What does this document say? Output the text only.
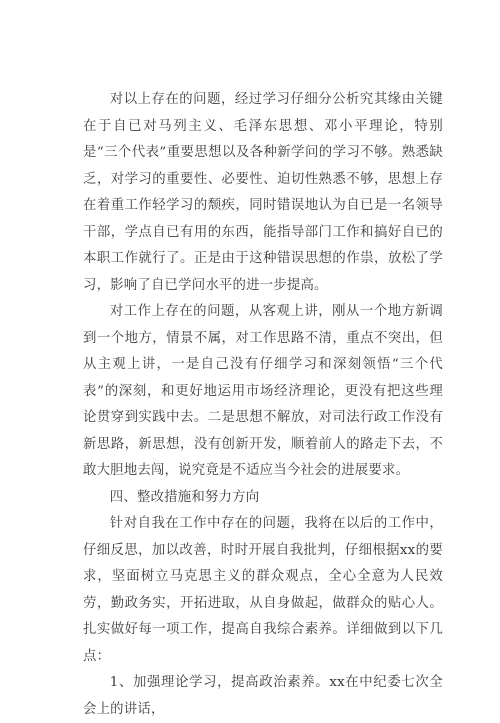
对以上存在的问题，经过学习仔细分公析究其缘由关键在于自已对马列主义、毛泽东思想、邓小平理论，特别是“三个代表”重要思想以及各种新学问的学习不够。熟悉缺乏，对学习的重要性、必要性、迫切性熟悉不够，思想上存在着重工作轻学习的颓疾，同时错误地认为自已是一名领导干部，学点自已有用的东西，能指导部门工作和搞好自已的本职工作就行了。正是由于这种错误思想的作祟，放松了学习，影响了自已学问水平的进一步提高。

对工作上存在的问题，从客观上讲，刚从一个地方新调到一个地方，情景不属，对工作思路不清，重点不突出，但从主观上讲，一是自己没有仔细学习和深刻领悟“三个代表”的深刻，和更好地运用市场经济理论，更没有把这些理论贯穿到实践中去。二是思想不解放，对司法行政工作没有新思路，新思想，没有创新开发，顺着前人的路走下去，不敢大胆地去闯，说究竟是不适应当今社会的进展要求。

四、整改措施和努力方向

针对自我在工作中存在的问题，我将在以后的工作中，仔细反思，加以改善，时时开展自我批判，仔细根据xx的要求，坚面树立马克思主义的群众观点，全心全意为人民效劳，勤政务实，开拓进取，从自身做起，做群众的贴心人。扎实做好每一项工作，提高自我综合素养。详细做到以下几点：

1、加强理论学习，提高政治素养。xx在中纪委七次全会上的讲话，
